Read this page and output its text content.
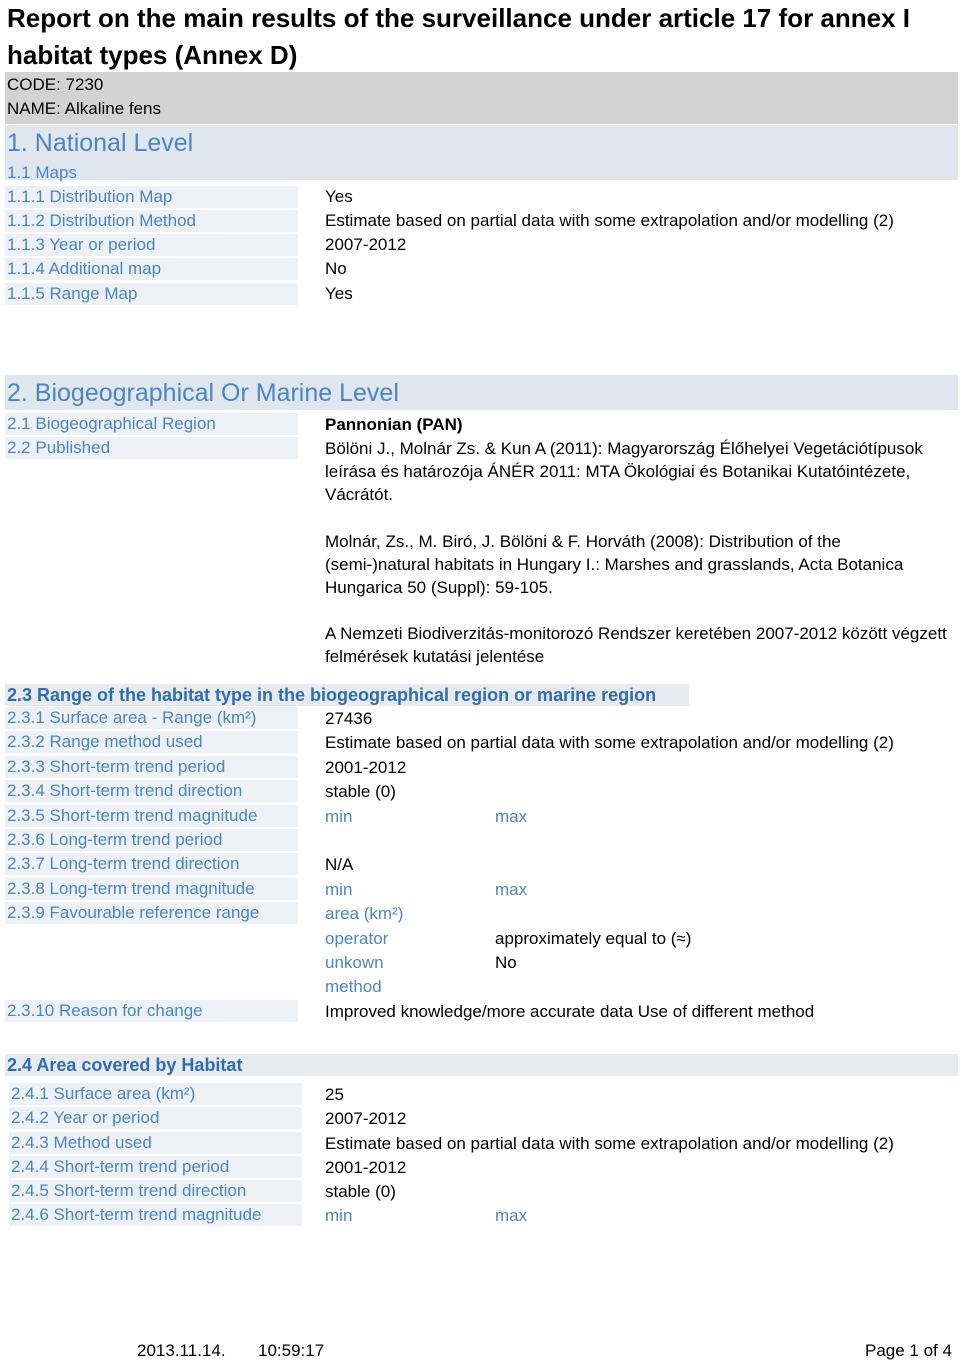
Report on the main results of the surveillance under article 17 for annex I habitat types (Annex D)
CODE: 7230
NAME: Alkaline fens
1. National Level
1.1 Maps
1.1.1 Distribution Map	Yes
1.1.2 Distribution Method	Estimate based on partial data with some extrapolation and/or modelling (2)
1.1.3 Year or period	2007-2012
1.1.4 Additional map	No
1.1.5 Range Map	Yes
2. Biogeographical Or Marine Level
2.1 Biogeographical Region	Pannonian (PAN)
2.2 Published	Bölöni J., Molnár Zs. & Kun A (2011): Magyarország Élőhelyei Vegetációtípusok leírása és határozója ÁNÉR 2011: MTA Ökológiai és Botanikai Kutatóintézete, Vácrátót.
Molnár, Zs., M. Biró, J. Bölöni & F. Horváth (2008): Distribution of the (semi-)natural habitats in Hungary I.: Marshes and grasslands, Acta Botanica Hungarica 50 (Suppl): 59-105.
A Nemzeti Biodiverzitás-monitorozó Rendszer keretében 2007-2012 között végzett felmérések kutatási jelentése
2.3 Range of the habitat type in the biogeographical region or marine region
2.3.1 Surface area - Range (km²)	27436
2.3.2 Range method used	Estimate based on partial data with some extrapolation and/or modelling (2)
2.3.3 Short-term trend period	2001-2012
2.3.4 Short-term trend direction	stable (0)
2.3.5 Short-term trend magnitude	min	max
2.3.6 Long-term trend period
2.3.7 Long-term trend direction	N/A
2.3.8 Long-term trend magnitude	min	max
2.3.9 Favourable reference range	area (km²)
operator	approximately equal to (≈)
unkown	No
method
2.3.10 Reason for change	Improved knowledge/more accurate data Use of different method
2.4 Area covered by Habitat
2.4.1 Surface area (km²)	25
2.4.2 Year or period	2007-2012
2.4.3 Method used	Estimate based on partial data with some extrapolation and/or modelling (2)
2.4.4 Short-term trend period	2001-2012
2.4.5 Short-term trend direction	stable (0)
2.4.6 Short-term trend magnitude	min	max
2013.11.14. 10:59:17	Page 1 of 4
